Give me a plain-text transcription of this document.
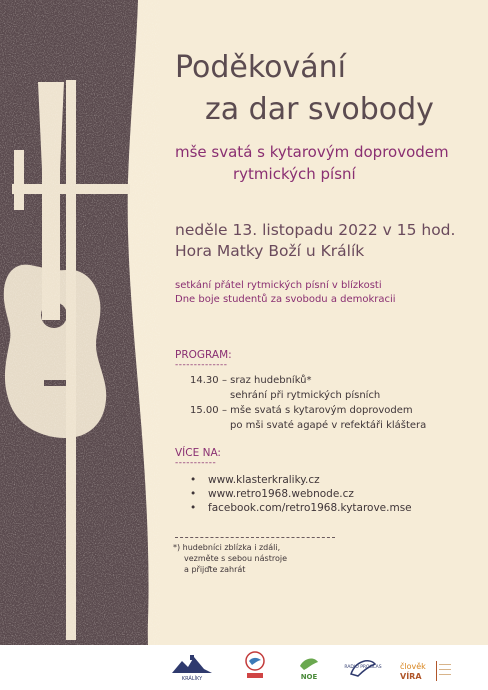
Poděkování
za dar svobody
mše svatá s kytarovým doprovodem
rytmických písní
neděle 13. listopadu 2022 v 15 hod.
Hora Matky Boží u Králík
setkání přátel rytmických písní v blízkosti
Dne boje studentů za svobodu a demokracii
PROGRAM:
--------------
14.30 – sraz hudebníků*
sehrání při rytmických písních
15.00 – mše svatá s kytarovým doprovodem
po mši svaté agapé v refektáři kláštera
VÍCE NA:
-----------
• www.klasterkraliky.cz
• www.retro1968.webnode.cz
• facebook.com/retro1968.kytarove.mse
*) hudebníci zblízka i zdáli,
vezměte s sebou nástroje
a přijďte zahrát
KRÁLÍKY	NOE
RADIO PROGLAS člověk
VÍRA
